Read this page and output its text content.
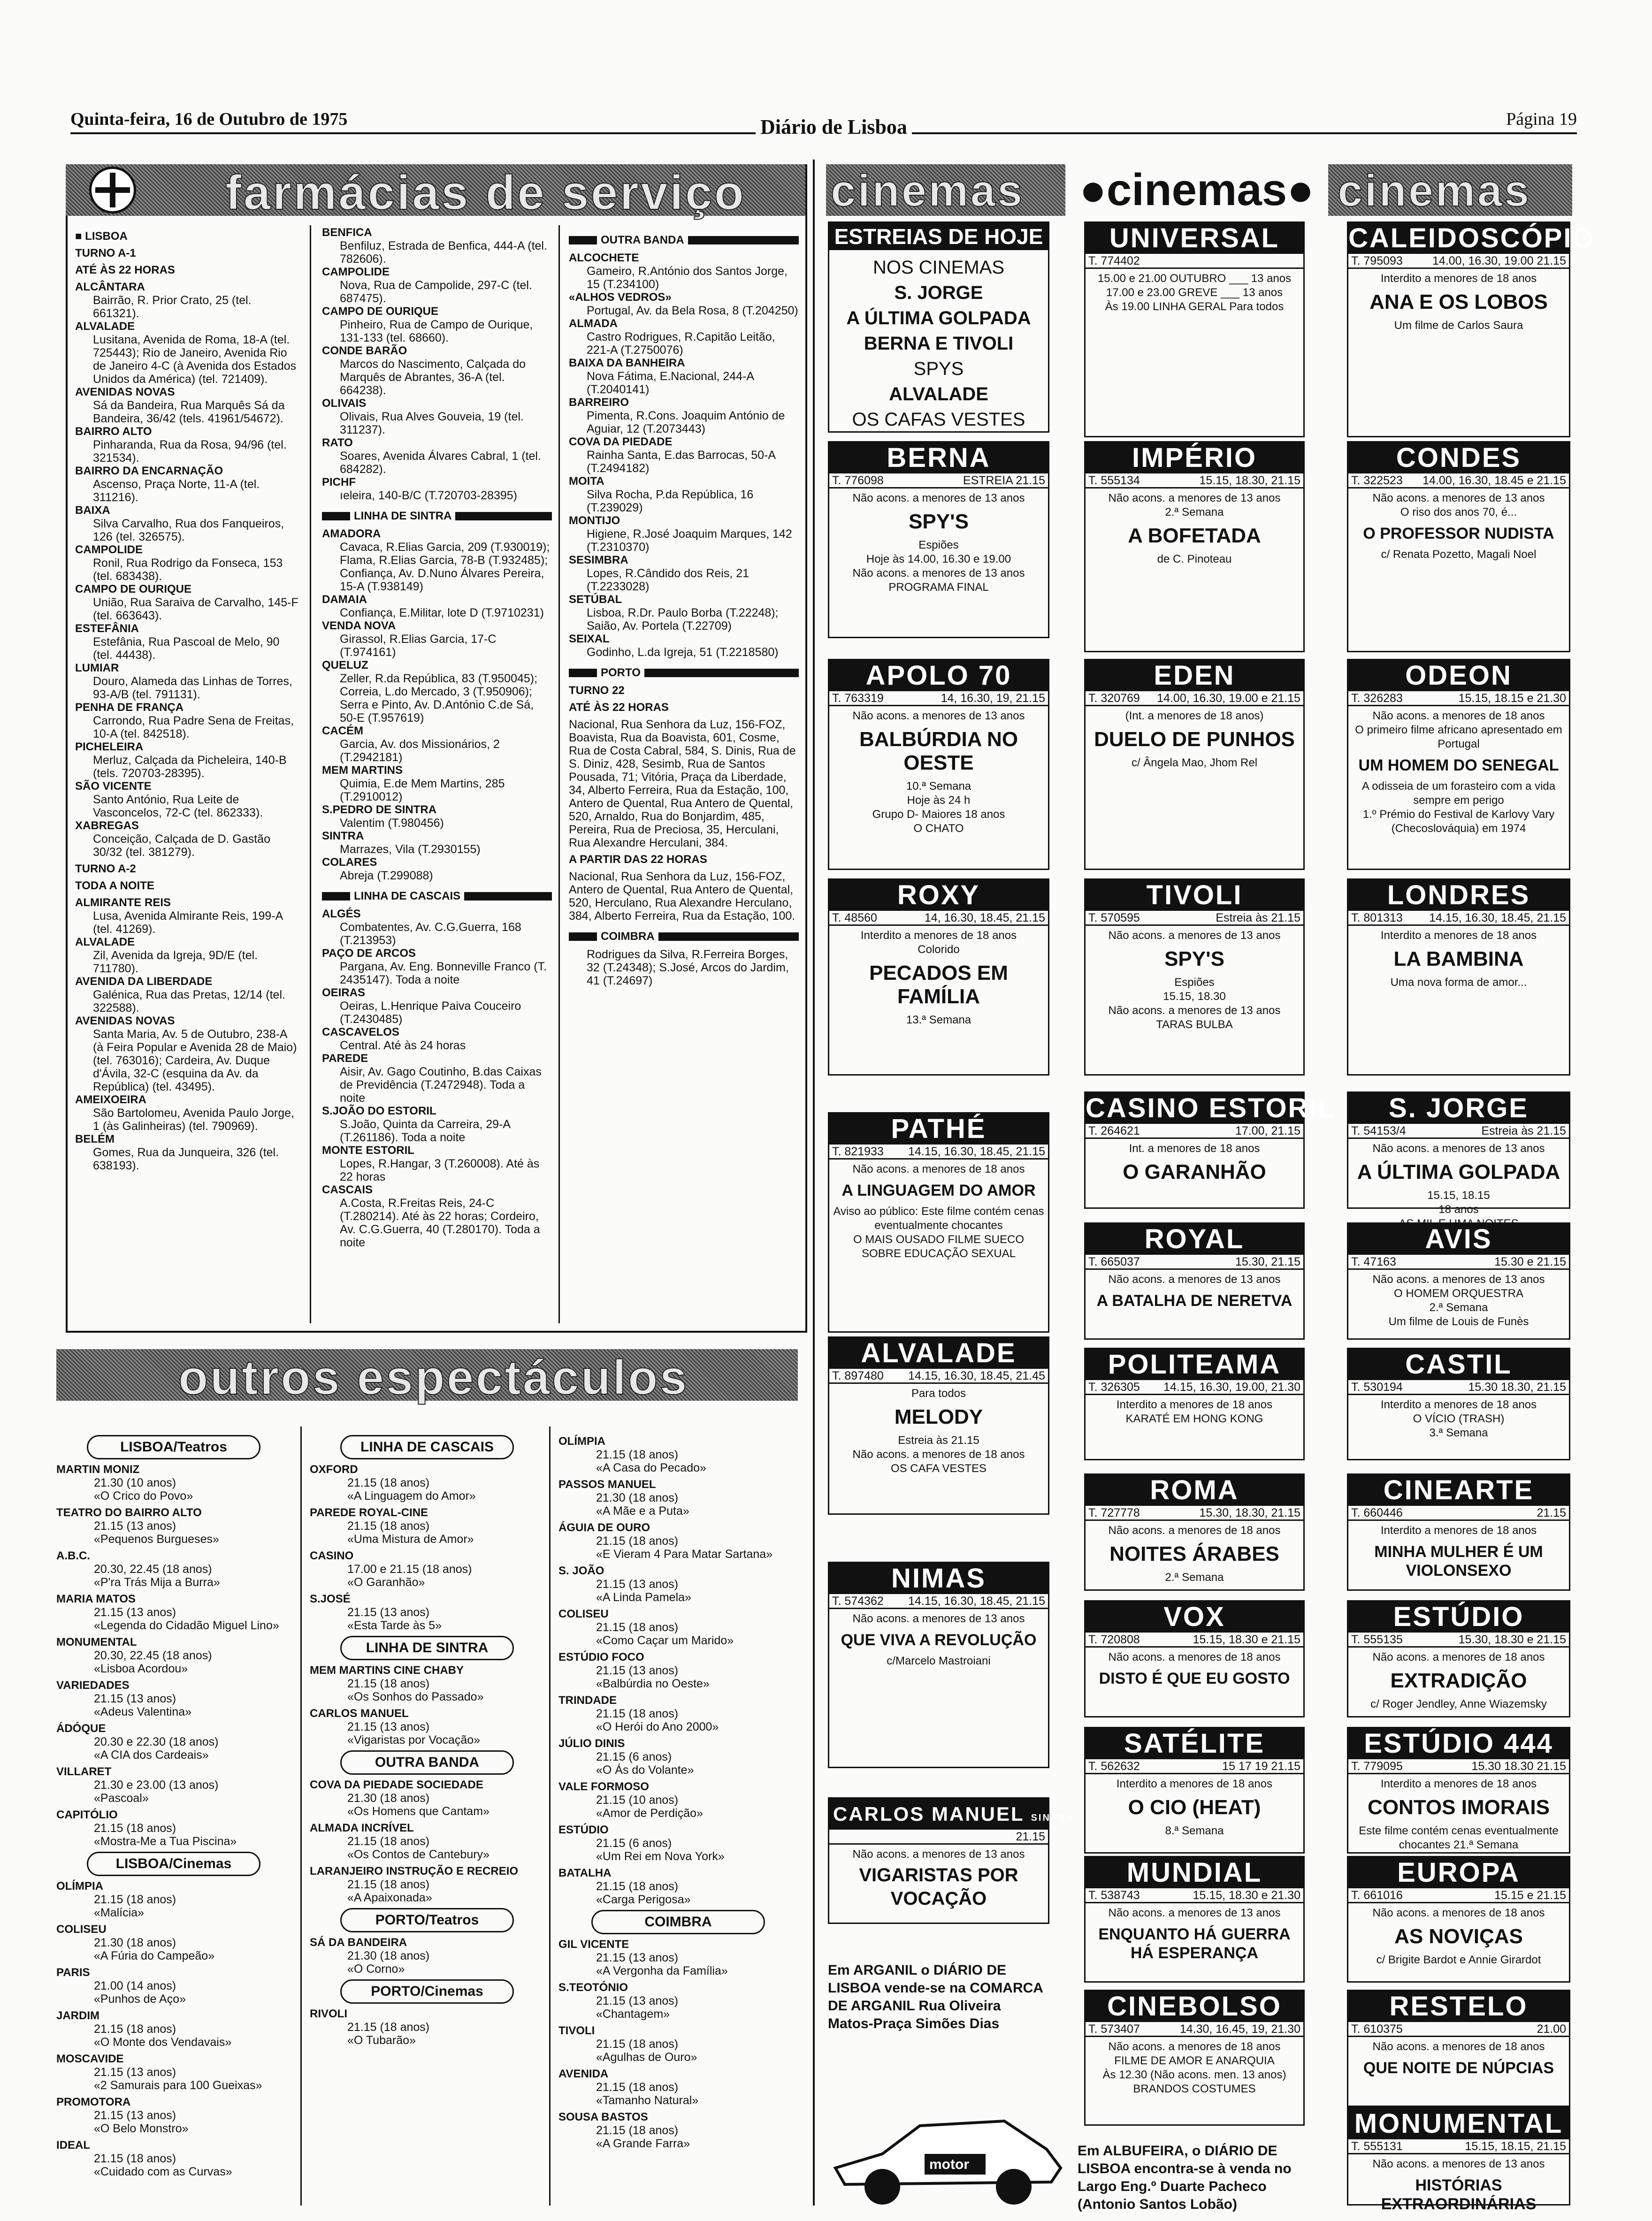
Quinta-feira, 16 de Outubro de 1975	Diário de Lisboa	Página 19
farmácias de serviço
■ LISBOA
TURNO A-1
ATÉ ÀS 22 HORAS
ALCÂNTARA
Bairrão, R. Prior Crato, 25 (tel. 661321).
ALVALADE
Lusitana, Avenida de Roma, 18-A (tel. 725443); Rio de Janeiro, Avenida Rio de Janeiro 4-C (à Avenida dos Estados Unidos da América) (tel. 721409).
AVENIDAS NOVAS
Sá da Bandeira, Rua Marquês Sá da Bandeira, 36/42 (tels. 41961/54672).
BAIRRO ALTO
Pinharanda, Rua da Rosa, 94/96 (tel. 321534).
BAIRRO DA ENCARNAÇÃO
Ascenso, Praça Norte, 11-A (tel. 311216).
BAIXA
Silva Carvalho, Rua dos Fanqueiros, 126 (tel. 326575).
CAMPOLIDE
Ronil, Rua Rodrigo da Fonseca, 153 (tel. 683438).
CAMPO DE OURIQUE
União, Rua Saraiva de Carvalho, 145-F (tel. 663643).
ESTEFÂNIA
Estefânia, Rua Pascoal de Melo, 90 (tel. 44438).
LUMIAR
Douro, Alameda das Linhas de Torres, 93-A/B (tel. 791131).
PENHA DE FRANÇA
Carrondo, Rua Padre Sena de Freitas, 10-A (tel. 842518).
PICHELEIRA
Merluz, Calçada da Picheleira, 140-B (tels. 720703-28395).
SÃO VICENTE
Santo António, Rua Leite de Vasconcelos, 72-C (tel. 862333).
XABREGAS
Conceição, Calçada de D. Gastão 30/32 (tel. 381279).
TURNO A-2
TODA A NOITE
ALMIRANTE REIS
Lusa, Avenida Almirante Reis, 199-A (tel. 41269).
ALVALADE
Zil, Avenida da Igreja, 9D/E (tel. 711780).
AVENIDA DA LIBERDADE
Galénica, Rua das Pretas, 12/14 (tel. 322588).
AVENIDAS NOVAS
Santa Maria, Av. 5 de Outubro, 238-A (à Feira Popular e Avenida 28 de Maio) (tel. 763016); Cardeira, Av. Duque d'Ávila, 32-C (esquina da Av. da República) (tel. 43495).
AMEIXOEIRA
São Bartolomeu, Avenida Paulo Jorge, 1 (às Galinheiras) (tel. 790969).
BELÉM
Gomes, Rua da Junqueira, 326 (tel. 638193).
BENFICA
Benfiluz, Estrada de Benfica, 444-A (tel. 782606).
CAMPOLIDE
Nova, Rua de Campolide, 297-C (tel. 687475).
CAMPO DE OURIQUE
Pinheiro, Rua de Campo de Ourique, 131-133 (tel. 68660).
CONDE BARÃO
Marcos do Nascimento, Calçada do Marquês de Abrantes, 36-A (tel. 664238).
OLIVAIS
Olivais, Rua Alves Gouveia, 19 (tel. 311237).
RATO
Soares, Avenida Álvares Cabral, 1 (tel. 684282).
PICHF
ıeleira, 140-B/C (T.720703-28395)
LINHA DE SINTRA
AMADORA
Cavaca, R.Elias Garcia, 209 (T.930019); Flama, R.Elias Garcia, 78-B (T.932485); Confiança, Av. D.Nuno Álvares Pereira, 15-A (T.938149)
DAMAIA
Confiança, E.Militar, lote D (T.9710231)
VENDA NOVA
Girassol, R.Elias Garcia, 17-C (T.974161)
QUELUZ
Zeller, R.da República, 83 (T.950045); Correia, L.do Mercado, 3 (T.950906); Serra e Pinto, Av. D.António C.de Sá, 50-E (T.957619)
CACÉM
Garcia, Av. dos Missionários, 2 (T.2942181)
MEM MARTINS
Quimia, E.de Mem Martins, 285 (T.2910012)
S.PEDRO DE SINTRA
Valentim (T.980456)
SINTRA
Marrazes, Vila (T.2930155)
COLARES
Abreja (T.299088)
LINHA DE CASCAIS
ALGÉS
Combatentes, Av. C.G.Guerra, 168 (T.213953)
PAÇO DE ARCOS
Pargana, Av. Eng. Bonneville Franco (T. 2435147). Toda a noite
OEIRAS
Oeiras, L.Henrique Paiva Couceiro (T.2430485)
CASCAVELOS
Central. Até às 24 horas
PAREDE
Aisir, Av. Gago Coutinho, B.das Caixas de Previdência (T.2472948). Toda a noite
S.JOÃO DO ESTORIL
S.João, Quinta da Carreira, 29-A (T.261186). Toda a noite
MONTE ESTORIL
Lopes, R.Hangar, 3 (T.260008). Até às 22 horas
CASCAIS
A.Costa, R.Freitas Reis, 24-C (T.280214). Até às 22 horas; Cordeiro, Av. C.G.Guerra, 40 (T.280170). Toda a noite
OUTRA BANDA
ALCOCHETE
Gameiro, R.António dos Santos Jorge, 15 (T.234100)
«ALHOS VEDROS»
Portugal, Av. da Bela Rosa, 8 (T.204250)
ALMADA
Castro Rodrigues, R.Capitão Leitão, 221-A (T.2750076)
BAIXA DA BANHEIRA
Nova Fátima, E.Nacional, 244-A (T.2040141)
BARREIRO
Pimenta, R.Cons. Joaquim António de Aguiar, 12 (T.2073443)
COVA DA PIEDADE
Rainha Santa, E.das Barrocas, 50-A (T.2494182)
MOITA
Silva Rocha, P.da República, 16 (T.239029)
MONTIJO
Higiene, R.José Joaquim Marques, 142 (T.2310370)
SESIMBRA
Lopes, R.Cândido dos Reis, 21 (T.2233028)
SETÚBAL
Lisboa, R.Dr. Paulo Borba (T.22248); Saião, Av. Portela (T.22709)
SEIXAL
Godinho, L.da Igreja, 51 (T.2218580)
PORTO
TURNO 22
ATÉ ÀS 22 HORAS
Nacional, Rua Senhora da Luz, 156-FOZ, Boavista, Rua da Boavista, 601, Cosme, Rua de Costa Cabral, 584, S. Dinis, Rua de S. Diniz, 428, Sesimb, Rua de Santos Pousada, 71; Vitória, Praça da Liberdade, 34, Alberto Ferreira, Rua da Estação, 100, Antero de Quental, Rua Antero de Quental, 520, Arnaldo, Rua do Bonjardim, 485, Pereira, Rua de Preciosa, 35, Herculani, Rua Alexandre Herculani, 384.
A PARTIR DAS 22 HORAS
Nacional, Rua Senhora da Luz, 156-FOZ, Antero de Quental, Rua Antero de Quental, 520, Herculano, Rua Alexandre Herculano, 384, Alberto Ferreira, Rua da Estação, 100.
COIMBRA
Rodrigues da Silva, R.Ferreira Borges, 32 (T.24348); S.José, Arcos do Jardim, 41 (T.24697)
outros espectáculos
LISBOA/Teatros
MARTIN MONIZ
21.30 (10 anos)
«O Crico do Povo»
TEATRO DO BAIRRO ALTO
21.15 (13 anos)
«Pequenos Burgueses»
A.B.C.
20.30, 22.45 (18 anos)
«P'ra Trás Mija a Burra»
MARIA MATOS
21.15 (13 anos)
«Legenda do Cidadão Miguel Lino»
MONUMENTAL
20.30, 22.45 (18 anos)
«Lisboa Acordou»
VARIEDADES
21.15 (13 anos)
«Adeus Valentina»
ÁDÓQUE
20.30 e 22.30 (18 anos)
«A CIA dos Cardeais»
VILLARET
21.30 e 23.00 (13 anos)
«Pascoal»
CAPITÓLIO
21.15 (18 anos)
«Mostra-Me a Tua Piscina»
LISBOA/Cinemas
OLÍMPIA
21.15 (18 anos)
«Malícia»
COLISEU
21.30 (18 anos)
«A Fúria do Campeão»
PARIS
21.00 (14 anos)
«Punhos de Aço»
JARDIM
21.15 (18 anos)
«O Monte dos Vendavais»
MOSCAVIDE
21.15 (13 anos)
«2 Samurais para 100 Gueixas»
PROMOTORA
21.15 (13 anos)
«O Belo Monstro»
IDEAL
21.15 (18 anos)
«Cuidado com as Curvas»
LINHA DE CASCAIS
OXFORD
21.15 (18 anos)
«A Linguagem do Amor»
PAREDE ROYAL-CINE
21.15 (18 anos)
«Uma Mistura de Amor»
CASINO
17.00 e 21.15 (18 anos)
«O Garanhão»
S.JOSÉ
21.15 (13 anos)
«Esta Tarde às 5»
LINHA DE SINTRA
MEM MARTINS CINE CHABY
21.15 (18 anos)
«Os Sonhos do Passado»
CARLOS MANUEL
21.15 (13 anos)
«Vigaristas por Vocação»
OUTRA BANDA
COVA DA PIEDADE SOCIEDADE
21.30 (18 anos)
«Os Homens que Cantam»
ALMADA INCRÍVEL
21.15 (18 anos)
«Os Contos de Cantebury»
LARANJEIRO INSTRUÇÃO E RECREIO
21.15 (18 anos)
«A Apaixonada»
PORTO/Teatros
SÁ DA BANDEIRA
21.30 (18 anos)
«O Corno»
PORTO/Cinemas
RIVOLI
21.15 (18 anos)
«O Tubarão»
OLÍMPIA
21.15 (18 anos)
«A Casa do Pecado»
PASSOS MANUEL
21.30 (18 anos)
«A Mãe e a Puta»
ÁGUIA DE OURO
21.15 (18 anos)
«E Vieram 4 Para Matar Sartana»
S. JOÃO
21.15 (13 anos)
«A Linda Pamela»
COLISEU
21.15 (18 anos)
«Como Caçar um Marido»
ESTÚDIO FOCO
21.15 (13 anos)
«Balbúrdia no Oeste»
TRINDADE
21.15 (18 anos)
«O Herói do Ano 2000»
JÚLIO DINIS
21.15 (6 anos)
«O Ás do Volante»
VALE FORMOSO
21.15 (10 anos)
«Amor de Perdição»
ESTÚDIO
21.15 (6 anos)
«Um Rei em Nova York»
BATALHA
21.15 (18 anos)
«Carga Perigosa»
COIMBRA
GIL VICENTE
21.15 (13 anos)
«A Vergonha da Família»
S.TEOTÓNIO
21.15 (13 anos)
«Chantagem»
TIVOLI
21.15 (18 anos)
«Agulhas de Ouro»
AVENIDA
21.15 (18 anos)
«Tamanho Natural»
SOUSA BASTOS
21.15 (18 anos)
«A Grande Farra»
cinemas	●cinemas● cinemas
ESTREIAS DE HOJE
NOS CINEMAS
S. JORGE
A ÚLTIMA GOLPADA
BERNA E TIVOLI
SPYS
ALVALADE
OS CAFAS VESTES
UNIVERSAL
T. 774402
15.00 e 21.00 OUTUBRO ___ 13 anos
17.00 e 23.00 GREVE ___ 13 anos
Às 19.00 LINHA GERAL Para todos
CALEIDOSCÓPIO
T. 795093	14.00, 16.30, 19.00 21.15
Interdito a menores de 18 anos
ANA E OS LOBOS
Um filme de Carlos Saura
BERNA
T. 776098	ESTREIA 21.15
Não acons. a menores de 13 anos
SPY'S
Espiões
Hoje às 14.00, 16.30 e 19.00
Não acons. a menores de 13 anos
PROGRAMA FINAL
IMPÉRIO
T. 555134	15.15, 18.30, 21.15
Não acons. a menores de 13 anos
2.ª Semana
A BOFETADA
de C. Pinoteau
CONDES
T. 322523 14.00, 16.30, 18.45 e 21.15
Não acons. a menores de 13 anos
O riso dos anos 70, é...
O PROFESSOR NUDISTA
c/ Renata Pozetto, Magali Noel
APOLO 70
T. 763319	14, 16.30, 19, 21.15
Não acons. a menores de 13 anos
BALBÚRDIA NO OESTE
10.ª Semana
Hoje às 24 h
Grupo D- Maiores 18 anos
O CHATO
EDEN
T. 320769 14.00, 16.30, 19.00 e 21.15
(Int. a menores de 18 anos)
DUELO DE PUNHOS
c/ Ângela Mao, Jhom Rel
ODEON
T. 326283	15.15, 18.15 e 21.30
Não acons. a menores de 18 anos
O primeiro filme africano apresentado em Portugal
UM HOMEM DO SENEGAL
A odisseia de um forasteiro com a vida sempre em perigo
1.º Prémio do Festival de Karlovy Vary (Checoslováquia) em 1974
ROXY
T. 48560	14, 16.30, 18.45, 21.15
Interdito a menores de 18 anos
Colorido
PECADOS EM FAMÍLIA
13.ª Semana
TIVOLI
T. 570595	Estreia às 21.15
Não acons. a menores de 13 anos
SPY'S
Espiões
15.15, 18.30
Não acons. a menores de 13 anos
TARAS BULBA
LONDRES
T. 801313 14.15, 16.30, 18.45, 21.15
Interdito a menores de 18 anos
LA BAMBINA
Uma nova forma de amor...
PATHÉ
T. 821933 14.15, 16.30, 18.45, 21.15
Não acons. a menores de 18 anos
A LINGUAGEM DO AMOR
Aviso ao público: Este filme contém cenas eventualmente chocantes
O MAIS OUSADO FILME SUECO SOBRE EDUCAÇÃO SEXUAL
CASINO ESTORIL
T. 264621	17.00, 21.15
Int. a menores de 18 anos
O GARANHÃO
S. JORGE
T. 54153/4	Estreia às 21.15
Não acons. a menores de 13 anos
A ÚLTIMA GOLPADA
15.15, 18.15
18 anos
ROYAL
T. 665037	15.30, 21.15
Não acons. a menores de 13 anos
A BATALHA DE NERETVA
AVIS
T. 47163	15.30 e 21.15
Não acons. a menores de 13 anos
O HOMEM ORQUESTRA
2.ª Semana
Um filme de Louis de Funès
ALVALADE
T. 897480 14.15, 16.30, 18.45, 21.45
Para todos
MELODY
Estreia às 21.15
Não acons. a menores de 18 anos
OS CAFA VESTES
POLITEAMA
T. 326305 14.15, 16.30, 19.00, 21.30
Interdito a menores de 18 anos
KARATÉ EM HONG KONG
CASTIL
T. 530194	15.30 18.30, 21.15
Interdito a menores de 18 anos
O VÍCIO (TRASH)
3.ª Semana
NIMAS
T. 574362 14.15, 16.30, 18.45, 21.15
Não acons. a menores de 13 anos
QUE VIVA A REVOLUÇÃO
c/Marcelo Mastroiani
ROMA
T. 727778	15.30, 18.30, 21.15
Não acons. a menores de 18 anos
NOITES ÁRABES
2.ª Semana
CINEARTE
T. 660446	21.15
Interdito a menores de 18 anos
MINHA MULHER É UM VIOLONSEXO
VOX
T. 720808	15.15, 18.30 e 21.15
Não acons. a menores de 18 anos
DISTO É QUE EU GOSTO
ESTÚDIO
T. 555135	15.30, 18.30 e 21.15
Não acons. a menores de 18 anos
EXTRADIÇÃO
c/ Roger Jendley, Anne Wiazemsky
SATÉLITE
T. 562632	15 17 19 21.15
Interdito a menores de 18 anos
O CIO (HEAT)
8.ª Semana
ESTÚDIO 444
T. 779095	15.30 18.30 21.15
Interdito a menores de 18 anos
CONTOS IMORAIS
Este filme contém cenas eventualmente chocantes 21.ª Semana
MUNDIAL
T. 538743	15.15, 18.30 e 21.30
Não acons. a menores de 13 anos
ENQUANTO HÁ GUERRA HÁ ESPERANÇA
EUROPA
T. 661016	15.15 e 21.15
Não acons. a menores de 18 anos
AS NOVIÇAS
c/ Brigite Bardot e Annie Girardot
CINEBOLSO
T. 573407	14.30, 16.45, 19, 21.30
Não acons. a menores de 18 anos
FILME DE AMOR E ANARQUIA
Às 12.30 (Não acons. men. 13 anos)
BRANDOS COSTUMES
RESTELO
T. 610375	21.00
Não acons. a menores de 18 anos
QUE NOITE DE NÚPCIAS
MONUMENTAL
T. 555131	15.15, 18.15, 21.15
Não acons. a menores de 13 anos
HISTÓRIAS EXTRAORDINÁRIAS
CARLOS MANUEL SINTRA
21.15
Não acons. a menores de 13 anos
VIGARISTAS POR VOCAÇÃO
Em ARGANIL o DIÁRIO DE LISBOA vende-se na COMARCA DE ARGANIL Rua Oliveira Matos-Praça Simões Dias
motor
Em ALBUFEIRA, o DIÁRIO DE LISBOA encontra-se à venda no Largo Eng.º Duarte Pacheco (Antonio Santos Lobão)
